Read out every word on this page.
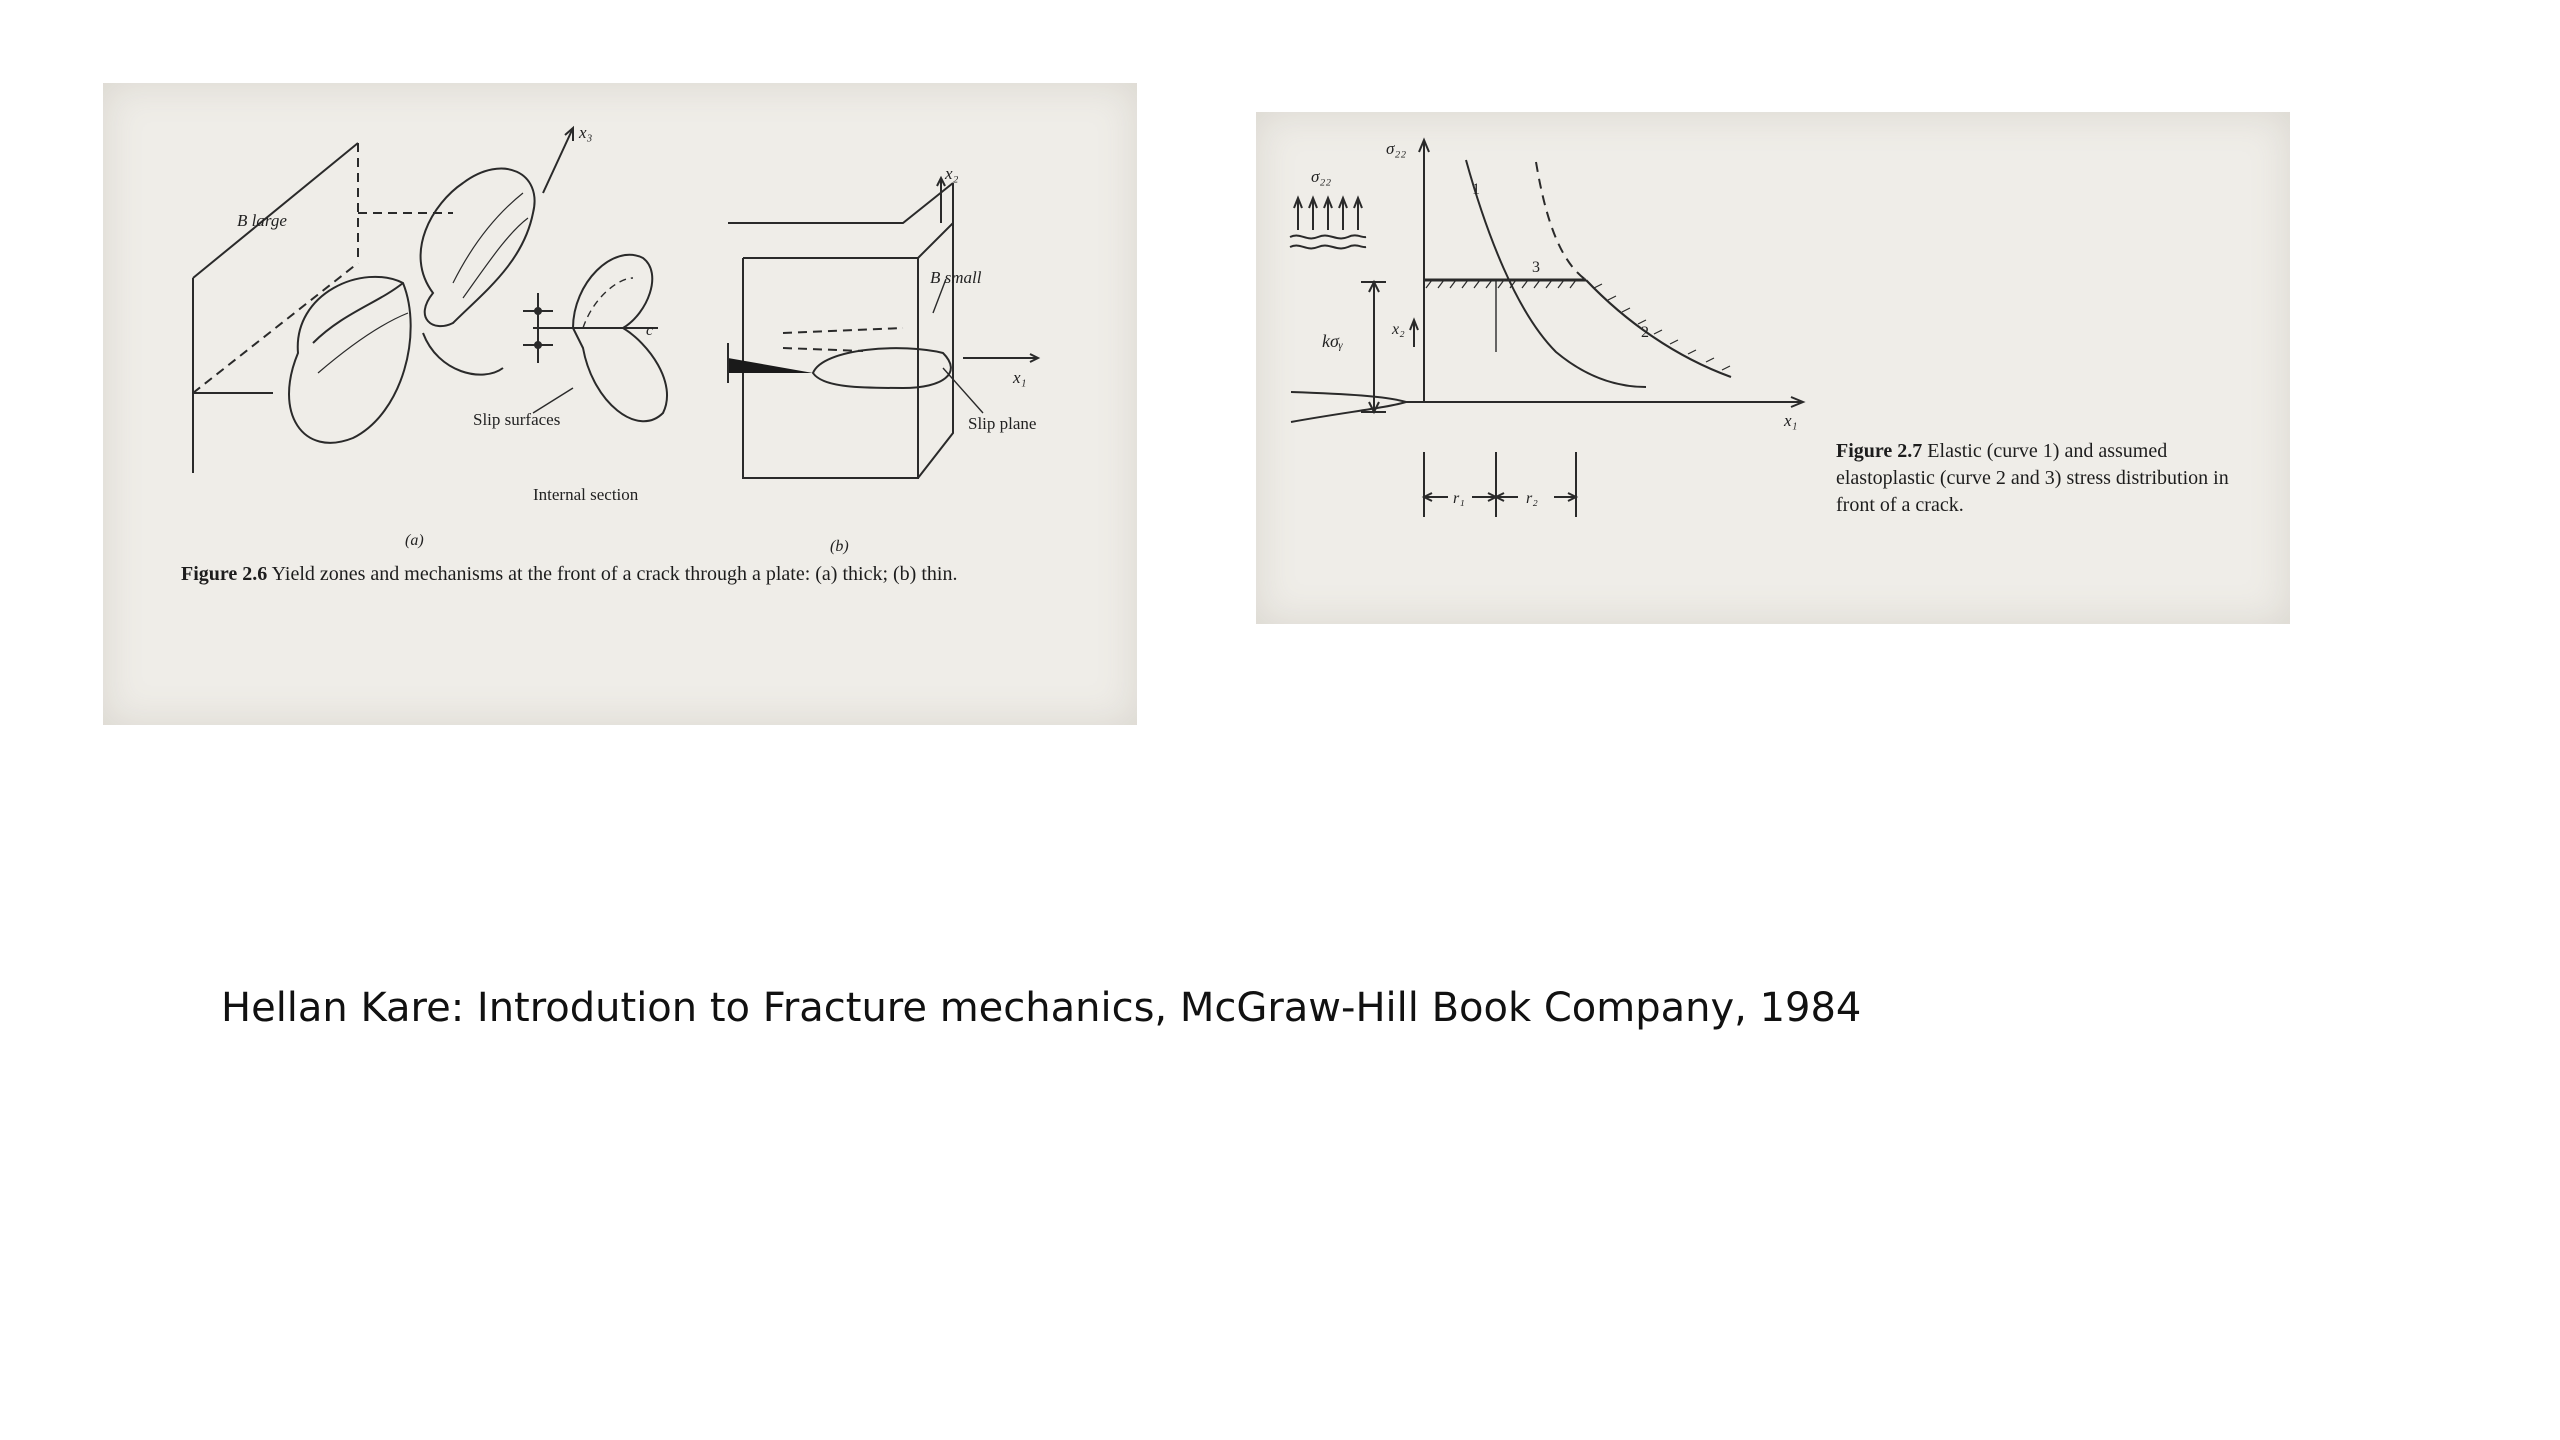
B large
x₃
x₂
B small
c
x₁
Slip surfaces	Slip plane
Internal section
(a)	(b)
Figure 2.6 Yield zones and mechanisms at the front of a crack through a plate: (a) thick; (b) thin.
σ₂₂
σ₂₂
kσᵧ
x₂
x₁
1
2
3
r₁	r₂
Figure 2.7 Elastic (curve 1) and assumed elastoplastic (curve 2 and 3) stress distribution in front of a crack.
Hellan Kare: Introdution to Fracture mechanics, McGraw-Hill Book Company, 1984
